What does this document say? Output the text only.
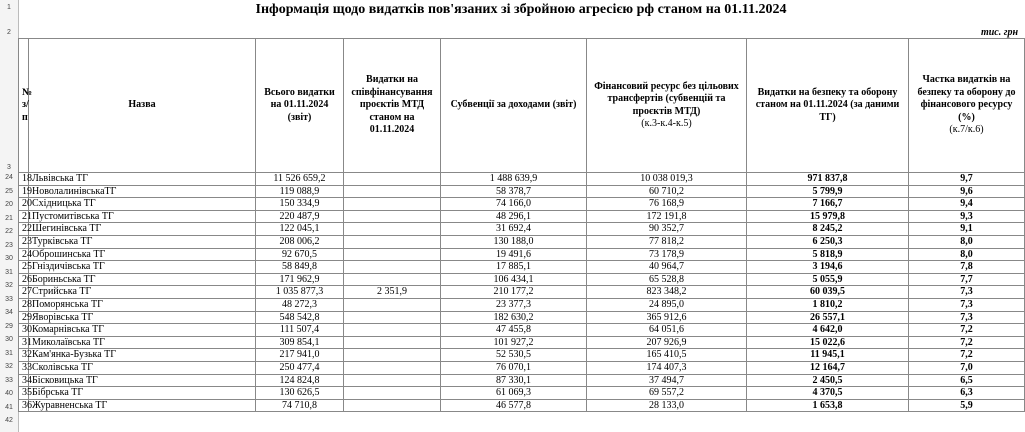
1
2
3
24
25
20
21
22
23
30
31
32
33
34
29
30
31
32
33
40
41
42
Інформація щодо видатків пов'язаних зі збройною агресією рф станом на 01.11.2024
тис. грн
№ з/п	Назва	Всього видатки на 01.11.2024 (звіт)	Видатки на співфінансування проєктів МТД станом на 01.11.2024	Субвенції за доходами (звіт)	Фінансовий ресурс без цільових трансфертів (субвенцій та проєктів МТД)
(к.3-к.4-к.5)	Видатки на безпеку та оборону станом на 01.11.2024 (за даними ТГ)	Частка видатків на безпеку та оборону до фінансового ресурсу (%)
(к.7/к.6)

18	Львівська ТГ	11 526 659,2		1 488 639,9	10 038 019,3	971 837,8	9,7
19	НоволалинівськаТГ	119 088,9		58 378,7	60 710,2	5 799,9	9,6
20	Східницька ТГ	150 334,9		74 166,0	76 168,9	7 166,7	9,4
21	Пустомитівська ТГ	220 487,9		48 296,1	172 191,8	15 979,8	9,3
22	Шегинівська ТГ	122 045,1		31 692,4	90 352,7	8 245,2	9,1
23	Турківська ТГ	208 006,2		130 188,0	77 818,2	6 250,3	8,0
24	Оброшинська ТГ	92 670,5		19 491,6	73 178,9	5 818,9	8,0
25	Гніздичівська ТГ	58 849,8		17 885,1	40 964,7	3 194,6	7,8
26	Бориньська ТГ	171 962,9		106 434,1	65 528,8	5 055,9	7,7
27	Стрийська ТГ	1 035 877,3	2 351,9	210 177,2	823 348,2	60 039,5	7,3
28	Поморянська ТГ	48 272,3		23 377,3	24 895,0	1 810,2	7,3
29	Яворівська ТГ	548 542,8		182 630,2	365 912,6	26 557,1	7,3
30	Комарнівська ТГ	111 507,4		47 455,8	64 051,6	4 642,0	7,2
31	Миколаївська ТГ	309 854,1		101 927,2	207 926,9	15 022,6	7,2
32	Кам'янка-Бузька ТГ	217 941,0		52 530,5	165 410,5	11 945,1	7,2
33	Сколівська ТГ	250 477,4		76 070,1	174 407,3	12 164,7	7,0
34	Бісковицька ТГ	124 824,8		87 330,1	37 494,7	2 450,5	6,5
35	Бібрська ТГ	130 626,5		61 069,3	69 557,2	4 370,5	6,3
36	Журавненська ТГ	74 710,8		46 577,8	28 133,0	1 653,8	5,9
